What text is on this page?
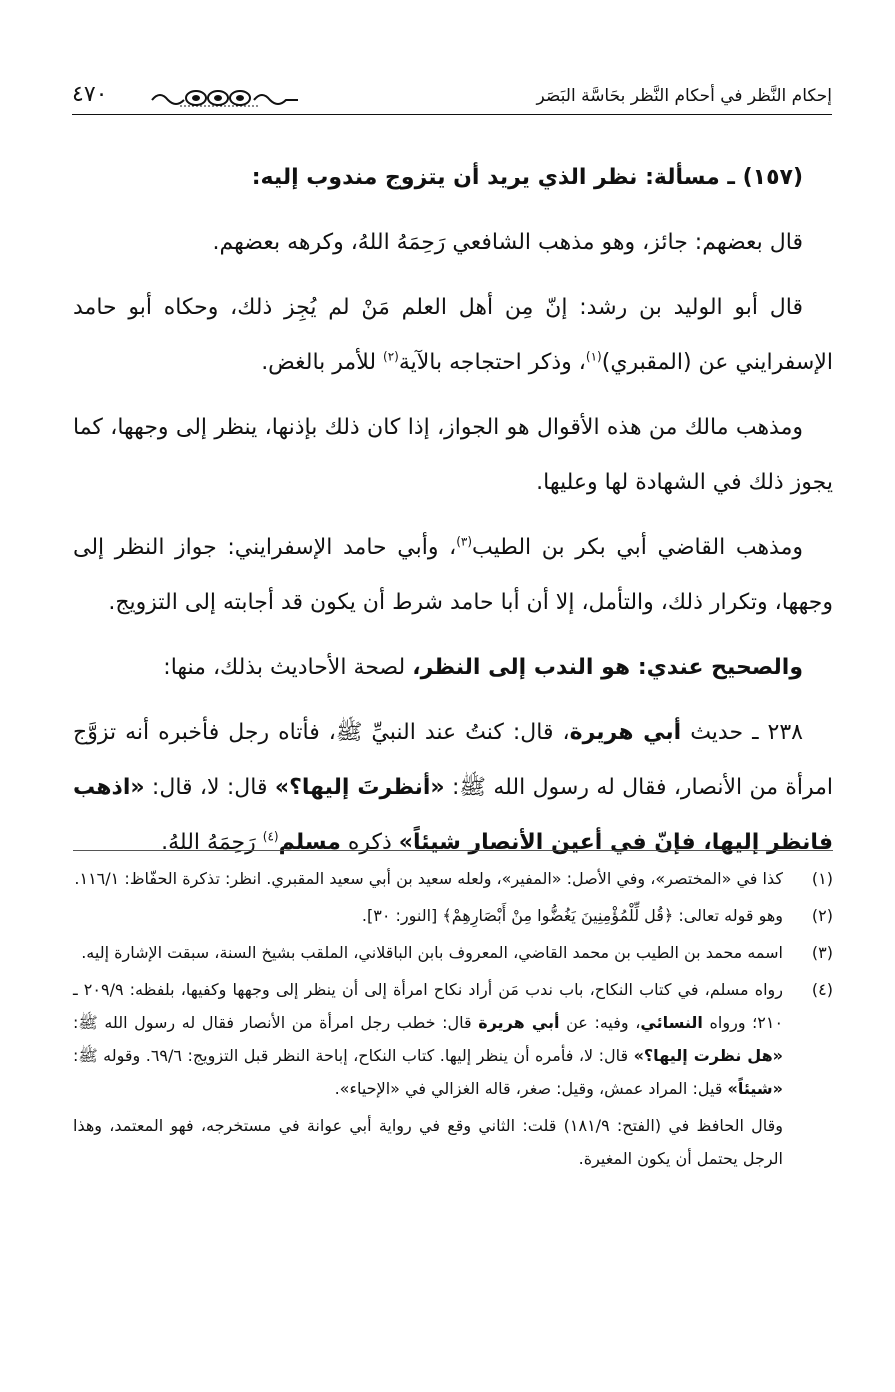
إحكام النَّظر في أحكام النَّظر بحَاسَّة البَصَر
٤٧٠

(١٥٧) ـ مسألة: نظر الذي يريد أن يتزوج مندوب إليه:

قال بعضهم: جائز، وهو مذهب الشافعي رَحِمَهُ اللهُ، وكرهه بعضهم.

قال أبو الوليد بن رشد: إنّ مِن أهل العلم مَنْ لم يُجِز ذلك، وحكاه أبو حامد الإسفرايني عن (المقبري)$^{(١)}$، وذكر احتجاجه بالآية$^{(٢)}$ للأمر بالغض.

ومذهب مالك من هذه الأقوال هو الجواز، إذا كان ذلك بإذنها، ينظر إلى وجهها، كما يجوز ذلك في الشهادة لها وعليها.

ومذهب القاضي أبي بكر بن الطيب$^{(٣)}$، وأبي حامد الإسفرايني: جواز النظر إلى وجهها، وتكرار ذلك، والتأمل، إلا أن أبا حامد شرط أن يكون قد أجابته إلى التزويج.

والصحيح عندي: هو الندب إلى النظر، لصحة الأحاديث بذلك، منها:

٢٣٨ ـ حديث أبي هريرة، قال: كنتُ عند النبيِّ ﷺ، فأتاه رجل فأخبره أنه تزوَّج امرأة من الأنصار، فقال له رسول الله ﷺ: «أنظرتَ إليها؟» قال: لا، قال: «اذهب فانظر إليها، فإنّ في أعين الأنصار شيئاً» ذكره مسلم$^{(٤)}$ رَحِمَهُ اللهُ.

(١)
كذا في «المختصر»، وفي الأصل: «المفير»، ولعله سعيد بن أبي سعيد المقبري. انظر: تذكرة الحفّاظ: ١١٦/١.
(٢)
وهو قوله تعالى: ﴿قُل لِّلْمُؤْمِنِينَ يَغُضُّوا مِنْ أَبْصَارِهِمْ﴾ [النور: ٣٠].
(٣)
اسمه محمد بن الطيب بن محمد القاضي، المعروف بابن الباقلاني، الملقب بشيخ السنة، سبقت الإشارة إليه.
(٤)
رواه مسلم، في كتاب النكاح، باب ندب مَن أراد نكاح امرأة إلى أن ينظر إلى وجهها وكفيها، بلفظه: ٢٠٩/٩ ـ ٢١٠؛ ورواه النسائي، وفيه: عن أبي هريرة قال: خطب رجل امرأة من الأنصار فقال له رسول الله ﷺ: «هل نظرت إليها؟» قال: لا، فأمره أن ينظر إليها. كتاب النكاح، إباحة النظر قبل التزويج: ٦٩/٦. وقوله ﷺ: «شيئاً» قيل: المراد عمش، وقيل: صغر، قاله الغزالي في «الإحياء».
وقال الحافظ في (الفتح: ١٨١/٩) قلت: الثاني وقع في رواية أبي عوانة في مستخرجه، فهو المعتمد، وهذا الرجل يحتمل أن يكون المغيرة.
